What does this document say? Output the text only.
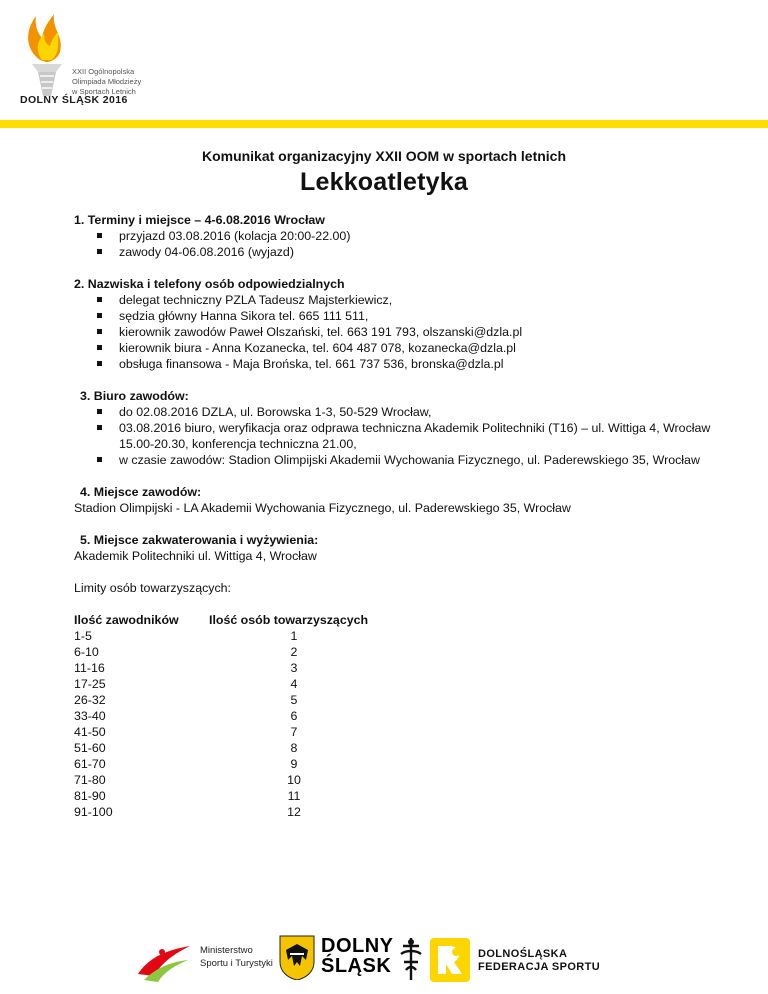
XXII Ogólnopolska
Olimpiada Młodzieży
w Sportach Letnich
DOLNY ŚLĄSK 2016
Komunikat organizacyjny XXII OOM w sportach letnich
Lekkoatletyka
1. Terminy i miejsce – 4-6.08.2016 Wrocław
przyjazd 03.08.2016 (kolacja 20:00-22.00)
zawody 04-06.08.2016 (wyjazd)
2. Nazwiska i telefony osób odpowiedzialnych
delegat techniczny PZLA Tadeusz Majsterkiewicz,
sędzia główny Hanna Sikora tel. 665 111 511,
kierownik zawodów Paweł Olszański, tel. 663 191 793, olszanski@dzla.pl
kierownik biura - Anna Kozanecka, tel. 604 487 078, kozanecka@dzla.pl
obsługa finansowa - Maja Brońska, tel. 661 737 536, bronska@dzla.pl
3. Biuro zawodów:
do 02.08.2016 DZLA, ul. Borowska 1-3, 50-529 Wrocław,
03.08.2016 biuro, weryfikacja oraz odprawa techniczna Akademik Politechniki (T16) – ul. Wittiga 4, Wrocław 15.00-20.30, konferencja techniczna 21.00,
w czasie zawodów: Stadion Olimpijski Akademii Wychowania Fizycznego, ul. Paderewskiego 35, Wrocław
4. Miejsce zawodów:
Stadion Olimpijski - LA Akademii Wychowania Fizycznego, ul. Paderewskiego 35, Wrocław
5. Miejsce zakwaterowania i wyżywienia:
Akademik Politechniki ul. Wittiga 4, Wrocław
Limity osób towarzyszących:
Ilość zawodników	Ilość osób towarzyszących
1-5	1
6-10	2
11-16	3
17-25	4
26-32	5
33-40	6
41-50	7
51-60	8
61-70	9
71-80	10
81-90	11
91-100	12
Ministerstwo
Sportu i Turystyki
DOLNY
ŚLĄSK
DOLNOŚLĄSKA
FEDERACJA SPORTU
